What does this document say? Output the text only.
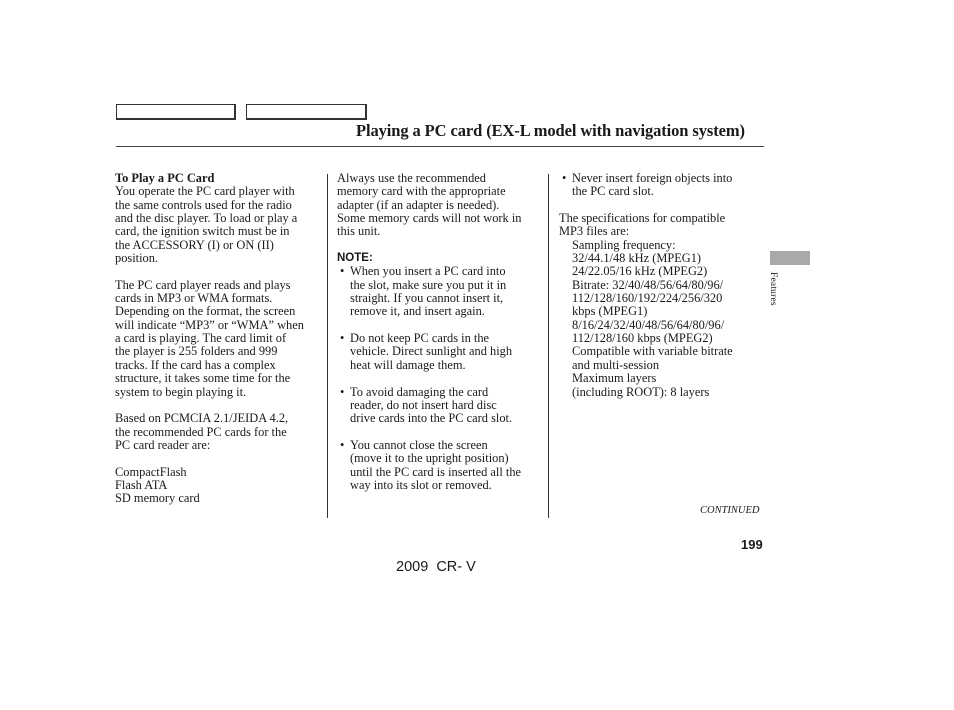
Playing a PC card (EX-L model with navigation system)

To Play a PC Card

You operate the PC card player with

the same controls used for the radio

and the disc player. To load or play a

card, the ignition switch must be in

the ACCESSORY (I) or ON (II)

position.

The PC card player reads and plays

cards in MP3 or WMA formats.

Depending on the format, the screen

will indicate “MP3” or “WMA” when

a card is playing. The card limit of

the player is 255 folders and 999

tracks. If the card has a complex

structure, it takes some time for the

system to begin playing it.

Based on PCMCIA 2.1/JEIDA 4.2,

the recommended PC cards for the

PC card reader are:

CompactFlash

Flash ATA

SD memory card

Always use the recommended

memory card with the appropriate

adapter (if an adapter is needed).

Some memory cards will not work in

this unit.

NOTE:

• When you insert a PC card into

the slot, make sure you put it in

straight. If you cannot insert it,

remove it, and insert again.

• Do not keep PC cards in the

vehicle. Direct sunlight and high

heat will damage them.

• To avoid damaging the card

reader, do not insert hard disc

drive cards into the PC card slot.

• You cannot close the screen

(move it to the upright position)

until the PC card is inserted all the

way into its slot or removed.

• Never insert foreign objects into

the PC card slot.

The specifications for compatible

MP3 files are:

Sampling frequency:

32/44.1/48 kHz (MPEG1)

24/22.05/16 kHz (MPEG2)

Bitrate: 32/40/48/56/64/80/96/

112/128/160/192/224/256/320

kbps (MPEG1)

8/16/24/32/40/48/56/64/80/96/

112/128/160 kbps (MPEG2)

Compatible with variable bitrate

and multi-session

Maximum layers

(including ROOT): 8 layers

Features
CONTINUED
199
2009  CR- V
